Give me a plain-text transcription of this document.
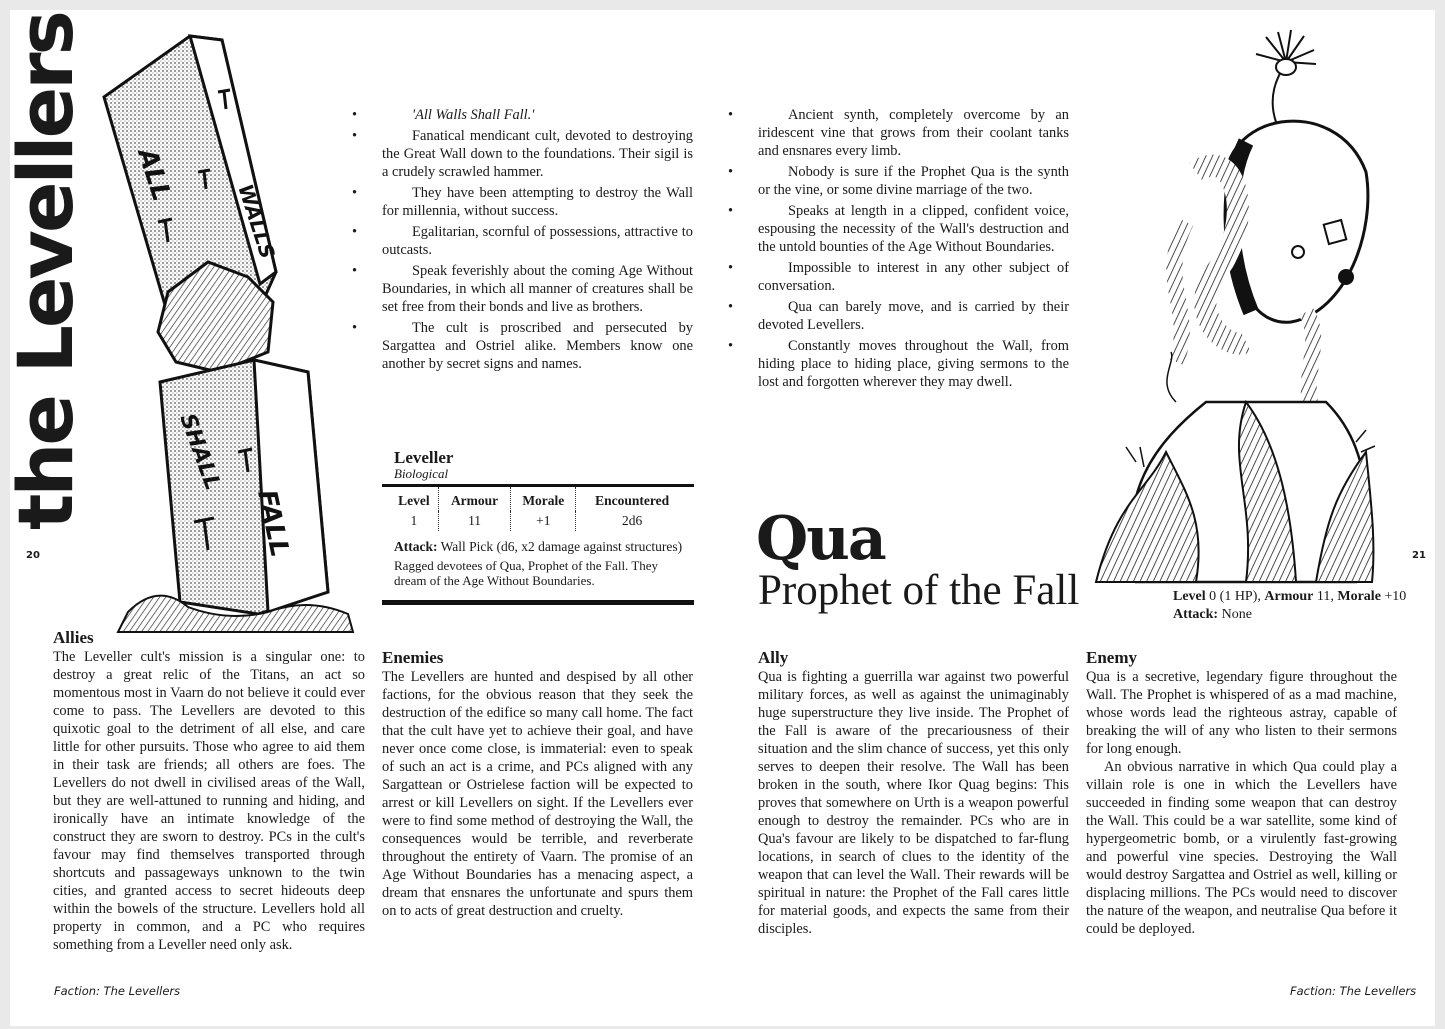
the Levellers
20
ALL
WALLS
SHALL
FALL
• 'All Walls Shall Fall.'
• Fanatical mendicant cult, devoted to destroying the Great Wall down to the foundations. Their sigil is a crudely scrawled hammer.
• They have been attempting to destroy the Wall for millennia, without success.
• Egalitarian, scornful of possessions, attractive to outcasts.
• Speak feverishly about the coming Age Without Boundaries, in which all manner of creatures shall be set free from their bonds and live as brothers.
• The cult is proscribed and persecuted by Sargattea and Ostriel alike. Members know one another by secret signs and names.
Leveller
Biological
Level	Armour	Morale	Encountered
1	11	+1	2d6
Attack: Wall Pick (d6, x2 damage against structures)
Ragged devotees of Qua, Prophet of the Fall. They dream of the Age Without Boundaries.
Allies
The Leveller cult's mission is a singular one: to destroy a great relic of the Titans, an act so momentous most in Vaarn do not believe it could ever come to pass. The Levellers are devoted to this quixotic goal to the detriment of all else, and care little for other pursuits. Those who agree to aid them in their task are friends; all others are foes. The Levellers do not dwell in civilised areas of the Wall, but they are well-attuned to running and hiding, and ironically have an intimate knowledge of the construct they are sworn to destroy. PCs in the cult's favour may find themselves transported through shortcuts and passageways unknown to the twin cities, and granted access to secret hideouts deep within the bowels of the structure. Levellers hold all property in common, and a PC who requires something from a Leveller need only ask.
Enemies
The Levellers are hunted and despised by all other factions, for the obvious reason that they seek the destruction of the edifice so many call home. The fact that the cult have yet to achieve their goal, and have never once come close, is immaterial: even to speak of such an act is a crime, and PCs aligned with any Sargattean or Ostrielese faction will be expected to arrest or kill Levellers on sight. If the Levellers ever were to find some method of destroying the Wall, the consequences would be terrible, and reverberate throughout the entirety of Vaarn. The promise of an Age Without Boundaries has a menacing aspect, a dream that ensnares the unfortunate and spurs them on to acts of great destruction and cruelty.
Faction: The Levellers
• Ancient synth, completely overcome by an iridescent vine that grows from their coolant tanks and ensnares every limb.
• Nobody is sure if the Prophet Qua is the synth or the vine, or some divine marriage of the two.
• Speaks at length in a clipped, confident voice, espousing the necessity of the Wall's destruction and the untold bounties of the Age Without Boundaries.
• Impossible to interest in any other subject of conversation.
• Qua can barely move, and is carried by their devoted Levellers.
• Constantly moves throughout the Wall, from hiding place to hiding place, giving sermons to the lost and forgotten wherever they may dwell.
Qua
Prophet of the Fall	Level 0 (1 HP), Armour 11, Morale +10
Attack: None
21
Ally
Qua is fighting a guerrilla war against two powerful military forces, as well as against the unimaginably huge superstructure they live inside. The Prophet of the Fall is aware of the precariousness of their situation and the slim chance of success, yet this only serves to deepen their resolve. The Wall has been broken in the south, where Ikor Quag begins: This proves that somewhere on Urth is a weapon powerful enough to destroy the remainder. PCs who are in Qua's favour are likely to be dispatched to far-flung locations, in search of clues to the identity of the weapon that can level the Wall. Their rewards will be spiritual in nature: the Prophet of the Fall cares little for material goods, and expects the same from their disciples.
Enemy
Qua is a secretive, legendary figure throughout the Wall. The Prophet is whispered of as a mad machine, whose words lead the righteous astray, capable of breaking the will of any who listen to their sermons for long enough.
An obvious narrative in which Qua could play a villain role is one in which the Levellers have succeeded in finding some weapon that can destroy the Wall. This could be a war satellite, some kind of hypergeometric bomb, or a virulently fast-growing and powerful vine species. Destroying the Wall would destroy Sargattea and Ostriel as well, killing or displacing millions. The PCs would need to discover the nature of the weapon, and neutralise Qua before it could be deployed.
Faction: The Levellers
